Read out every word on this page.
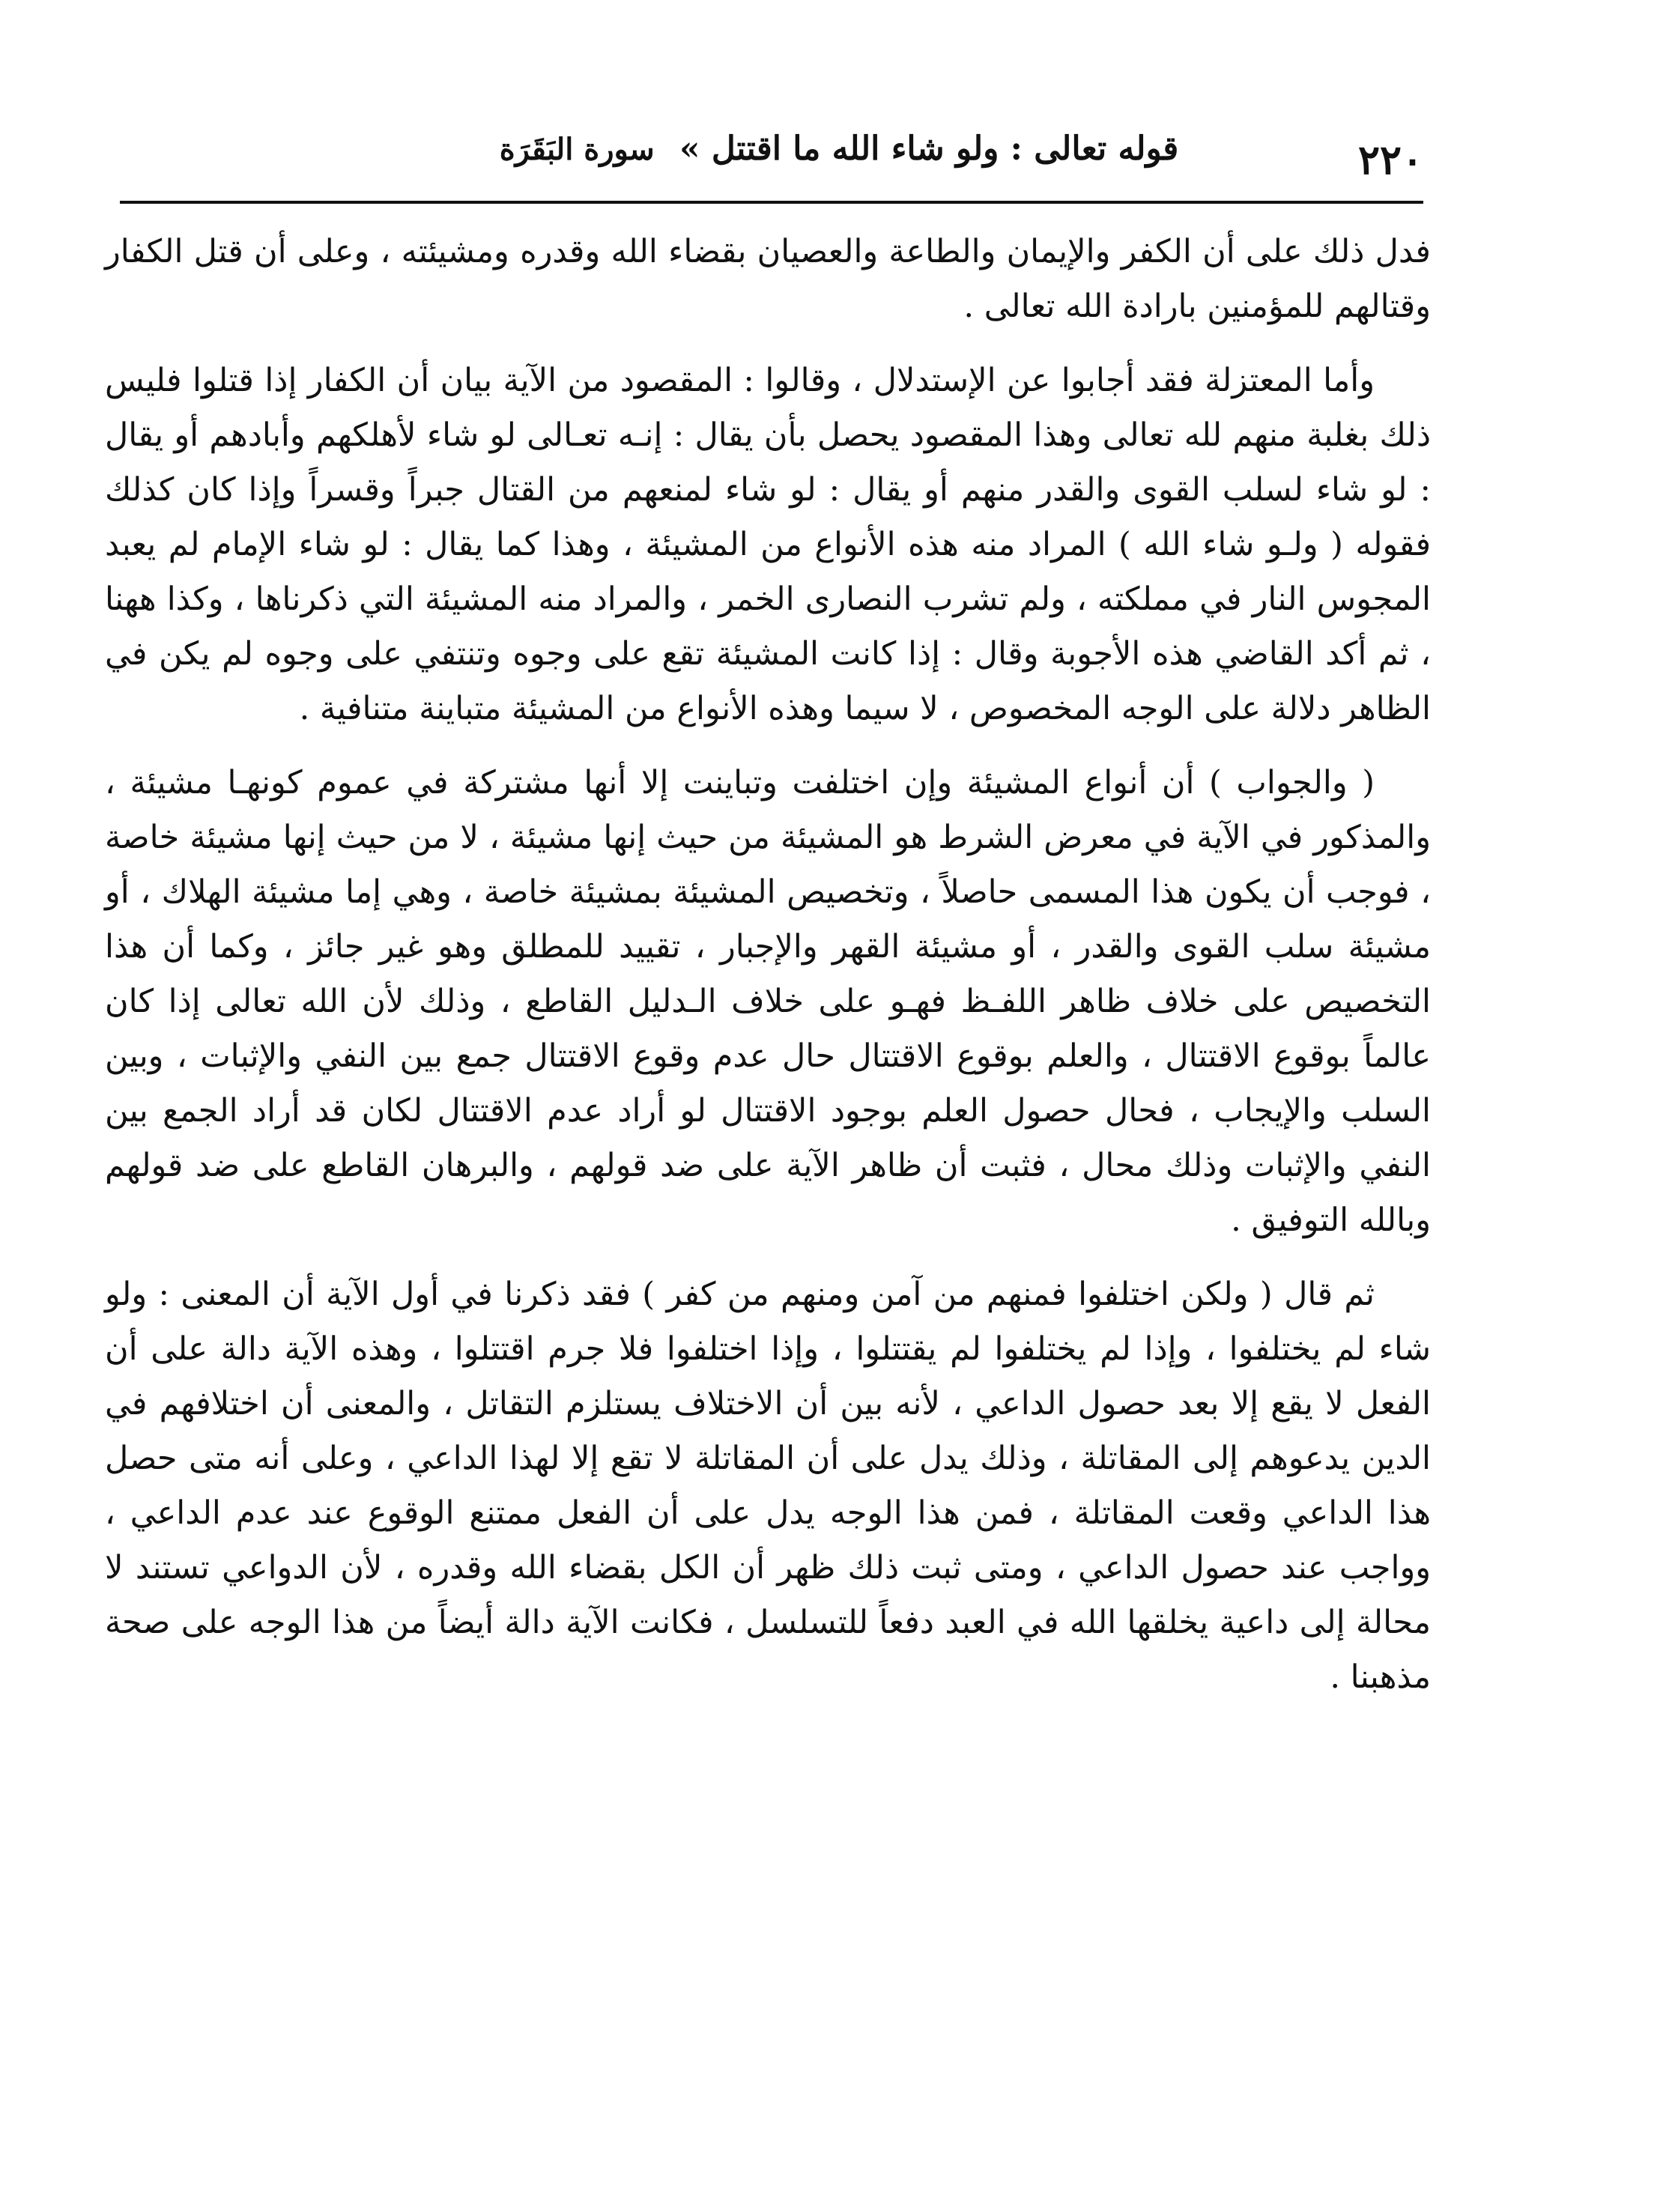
٢٢٠
قوله تعالى : ولو شاء الله ما اقتتل » سورة البَقَرَة

فدل ذلك على أن الكفر والإيمان والطاعة والعصيان بقضاء الله وقدره ومشيئته ، وعلى أن قتل الكفار وقتالهم للمؤمنين بارادة الله تعالى .

وأما المعتزلة فقد أجابوا عن الإستدلال ، وقالوا : المقصود من الآية بيان أن الكفار إذا قتلوا فليس ذلك بغلبة منهم لله تعالى وهذا المقصود يحصل بأن يقال : إنـه تعـالى لو شاء لأهلكهم وأبادهم أو يقال : لو شاء لسلب القوى والقدر منهم أو يقال : لو شاء لمنعهم من القتال جبراً وقسراً وإذا كان كذلك فقوله ( ولـو شاء الله ) المراد منه هذه الأنواع من المشيئة ، وهذا كما يقال : لو شاء الإمام لم يعبد المجوس النار في مملكته ، ولم تشرب النصارى الخمر ، والمراد منه المشيئة التي ذكرناها ، وكذا ههنا ، ثم أكد القاضي هذه الأجوبة وقال : إذا كانت المشيئة تقع على وجوه وتنتفي على وجوه لم يكن في الظاهر دلالة على الوجه المخصوص ، لا سيما وهذه الأنواع من المشيئة متباينة متنافية .

( والجواب ) أن أنواع المشيئة وإن اختلفت وتباينت إلا أنها مشتركة في عموم كونهـا مشيئة ، والمذكور في الآية في معرض الشرط هو المشيئة من حيث إنها مشيئة ، لا من حيث إنها مشيئة خاصة ، فوجب أن يكون هذا المسمى حاصلاً ، وتخصيص المشيئة بمشيئة خاصة ، وهي إما مشيئة الهلاك ، أو مشيئة سلب القوى والقدر ، أو مشيئة القهر والإجبار ، تقييد للمطلق وهو غير جائز ، وكما أن هذا التخصيص على خلاف ظاهر اللفـظ فهـو على خلاف الـدليل القاطع ، وذلك لأن الله تعالى إذا كان عالماً بوقوع الاقتتال ، والعلم بوقوع الاقتتال حال عدم وقوع الاقتتال جمع بين النفي والإثبات ، وبين السلب والإيجاب ، فحال حصول العلم بوجود الاقتتال لو أراد عدم الاقتتال لكان قد أراد الجمع بين النفي والإثبات وذلك محال ، فثبت أن ظاهر الآية على ضد قولهم ، والبرهان القاطع على ضد قولهم وبالله التوفيق .

ثم قال ( ولكن اختلفوا فمنهم من آمن ومنهم من كفر ) فقد ذكرنا في أول الآية أن المعنى : ولو شاء لم يختلفوا ، وإذا لم يختلفوا لم يقتتلوا ، وإذا اختلفوا فلا جرم اقتتلوا ، وهذه الآية دالة على أن الفعل لا يقع إلا بعد حصول الداعي ، لأنه بين أن الاختلاف يستلزم التقاتل ، والمعنى أن اختلافهم في الدين يدعوهم إلى المقاتلة ، وذلك يدل على أن المقاتلة لا تقع إلا لهذا الداعي ، وعلى أنه متى حصل هذا الداعي وقعت المقاتلة ، فمن هذا الوجه يدل على أن الفعل ممتنع الوقوع عند عدم الداعي ، وواجب عند حصول الداعي ، ومتى ثبت ذلك ظهر أن الكل بقضاء الله وقدره ، لأن الدواعي تستند لا محالة إلى داعية يخلقها الله في العبد دفعاً للتسلسل ، فكانت الآية دالة أيضاً من هذا الوجه على صحة مذهبنا .
